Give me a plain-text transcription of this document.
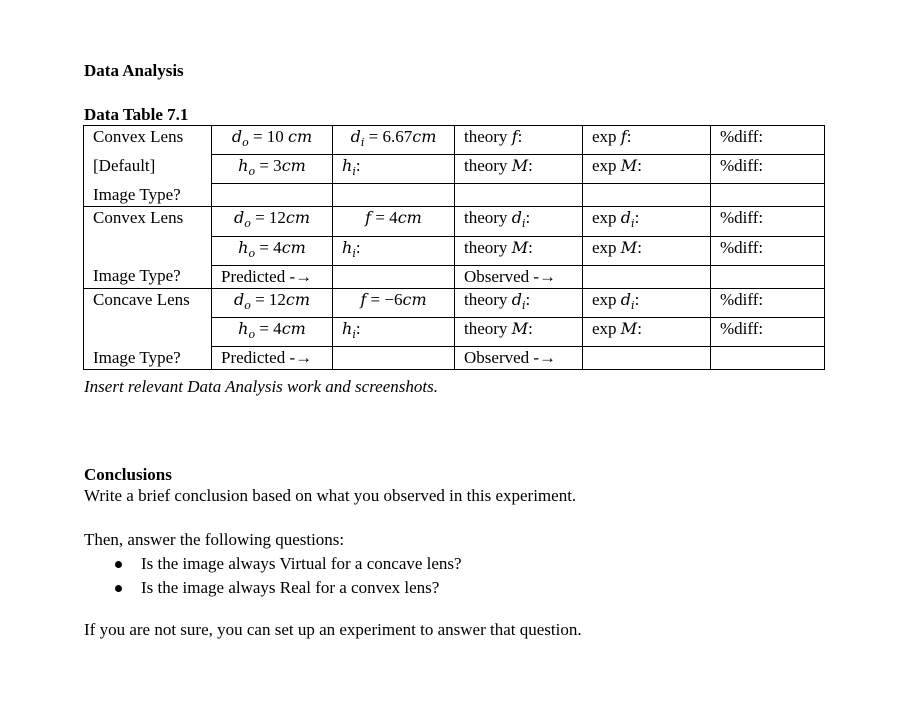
Data Analysis
Data Table 7.1
Convex Lens	$d_o = 10$ cm	$d_i = 6.67cm$	theory f:	exp f:	%diff:
[Default]	$h_o = 3cm$	$h_i$:	theory M:	exp M:	%diff:
Image Type?					
Convex Lens	$d_o = 12cm$	f = 4cm	theory $d_i$:	$\exp d_i$:	%diff:
	$h_o = 4cm$	$h_i$:	theory M:	exp M:	%diff:
Image Type?	Predicted -→		Observed -→		
Concave Lens	$d_o = 12cm$	f = −6cm	theory $d_i$:	$\exp d_i$:	%diff:
	$h_o = 4cm$	$h_i$:	theory M:	exp M:	%diff:
Image Type?	Predicted -→		Observed -→		
Insert relevant Data Analysis work and screenshots.
Conclusions
Write a brief conclusion based on what you observed in this experiment.
Then, answer the following questions:
Is the image always Virtual for a concave lens?
Is the image always Real for a convex lens?
If you are not sure, you can set up an experiment to answer that question.
